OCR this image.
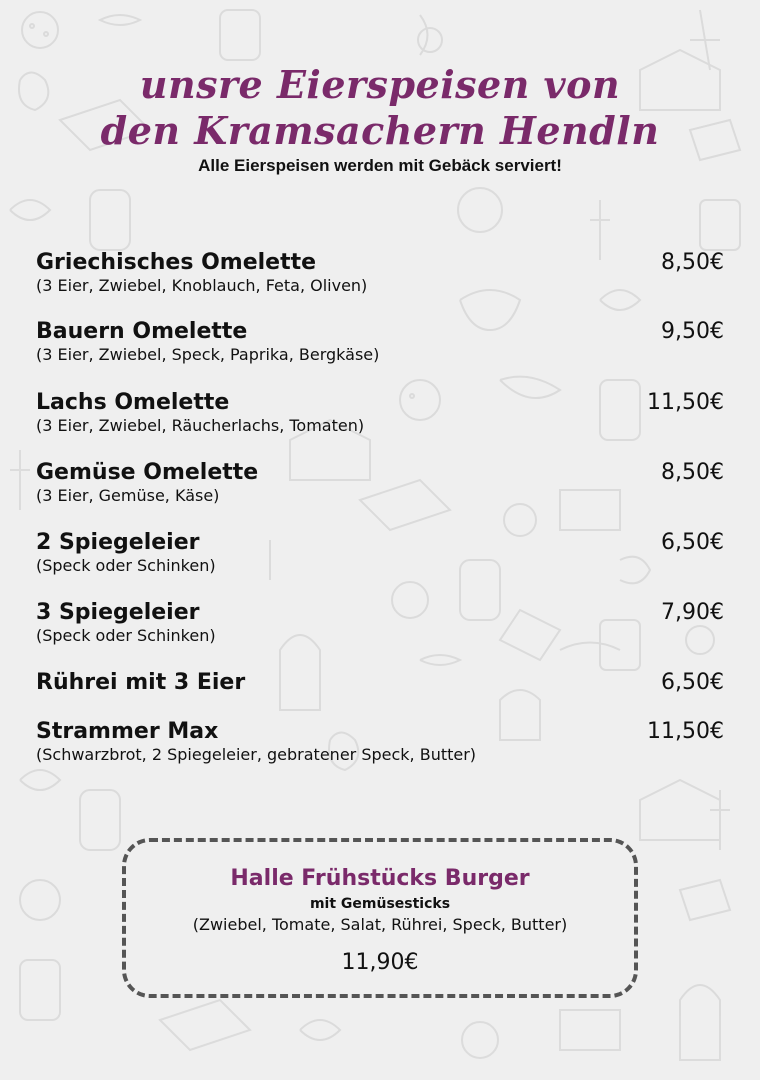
unsre Eierspeisen von
den Kramsachern Hendln
Alle Eierspeisen werden mit Gebäck serviert!
Griechisches Omelette
(3 Eier, Zwiebel, Knoblauch, Feta, Oliven)
8,50€
Bauern Omelette
(3 Eier, Zwiebel, Speck, Paprika, Bergkäse)
9,50€
Lachs Omelette
(3 Eier, Zwiebel, Räucherlachs, Tomaten)
11,50€
Gemüse Omelette
(3 Eier, Gemüse, Käse)
8,50€
2 Spiegeleier
(Speck oder Schinken)
6,50€
3 Spiegeleier
(Speck oder Schinken)
7,90€
Rührei mit 3 Eier	6,50€
Strammer Max
(Schwarzbrot, 2 Spiegeleier, gebratener Speck, Butter)
11,50€
Halle Frühstücks Burger
mit Gemüsesticks
(Zwiebel, Tomate, Salat, Rührei, Speck, Butter)
11,90€
